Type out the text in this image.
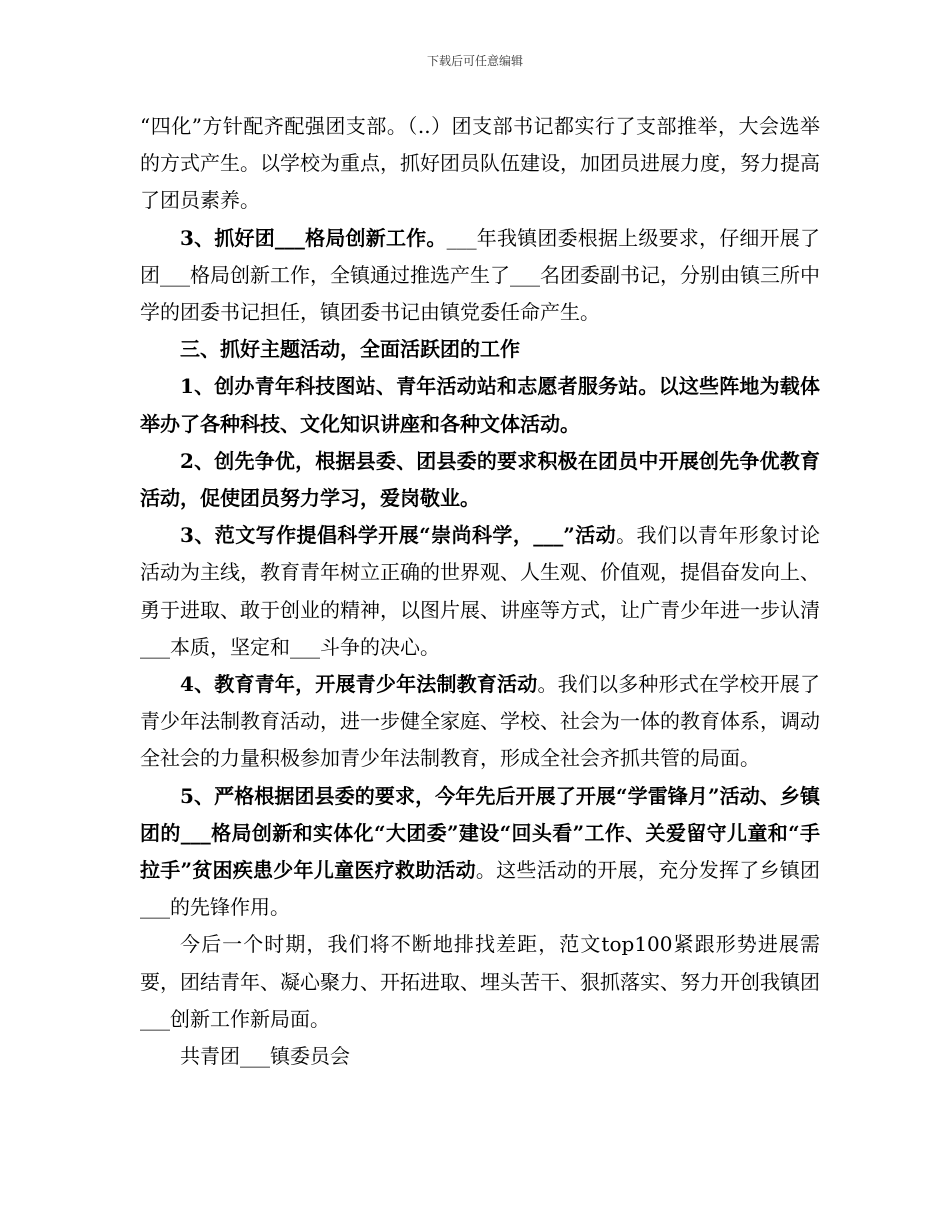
下载后可任意编辑

“四化”方针配齐配强团支部。（..）团支部书记都实行了支部推举，大会选举的方式产生。以学校为重点，抓好团员队伍建设，加团员进展力度，努力提高了团员素养。

3、抓好团___格局创新工作。___年我镇团委根据上级要求，仔细开展了团___格局创新工作，全镇通过推选产生了___名团委副书记，分别由镇三所中学的团委书记担任，镇团委书记由镇党委任命产生。

三、抓好主题活动，全面活跃团的工作

1、创办青年科技图站、青年活动站和志愿者服务站。以这些阵地为载体举办了各种科技、文化知识讲座和各种文体活动。

2、创先争优，根据县委、团县委的要求积极在团员中开展创先争优教育活动，促使团员努力学习，爱岗敬业。

3、范文写作提倡科学开展“崇尚科学，___”活动。我们以青年形象讨论活动为主线，教育青年树立正确的世界观、人生观、价值观，提倡奋发向上、勇于进取、敢于创业的精神，以图片展、讲座等方式，让广青少年进一步认清___本质，坚定和___斗争的决心。

4、教育青年，开展青少年法制教育活动。我们以多种形式在学校开展了青少年法制教育活动，进一步健全家庭、学校、社会为一体的教育体系，调动全社会的力量积极参加青少年法制教育，形成全社会齐抓共管的局面。

5、严格根据团县委的要求，今年先后开展了开展“学雷锋月”活动、乡镇团的___格局创新和实体化“大团委”建设“回头看”工作、关爱留守儿童和“手拉手”贫困疾患少年儿童医疗救助活动。这些活动的开展，充分发挥了乡镇团___的先锋作用。

今后一个时期，我们将不断地排找差距，范文top100紧跟形势进展需要，团结青年、凝心聚力、开拓进取、埋头苦干、狠抓落实、努力开创我镇团___创新工作新局面。

共青团___镇委员会
